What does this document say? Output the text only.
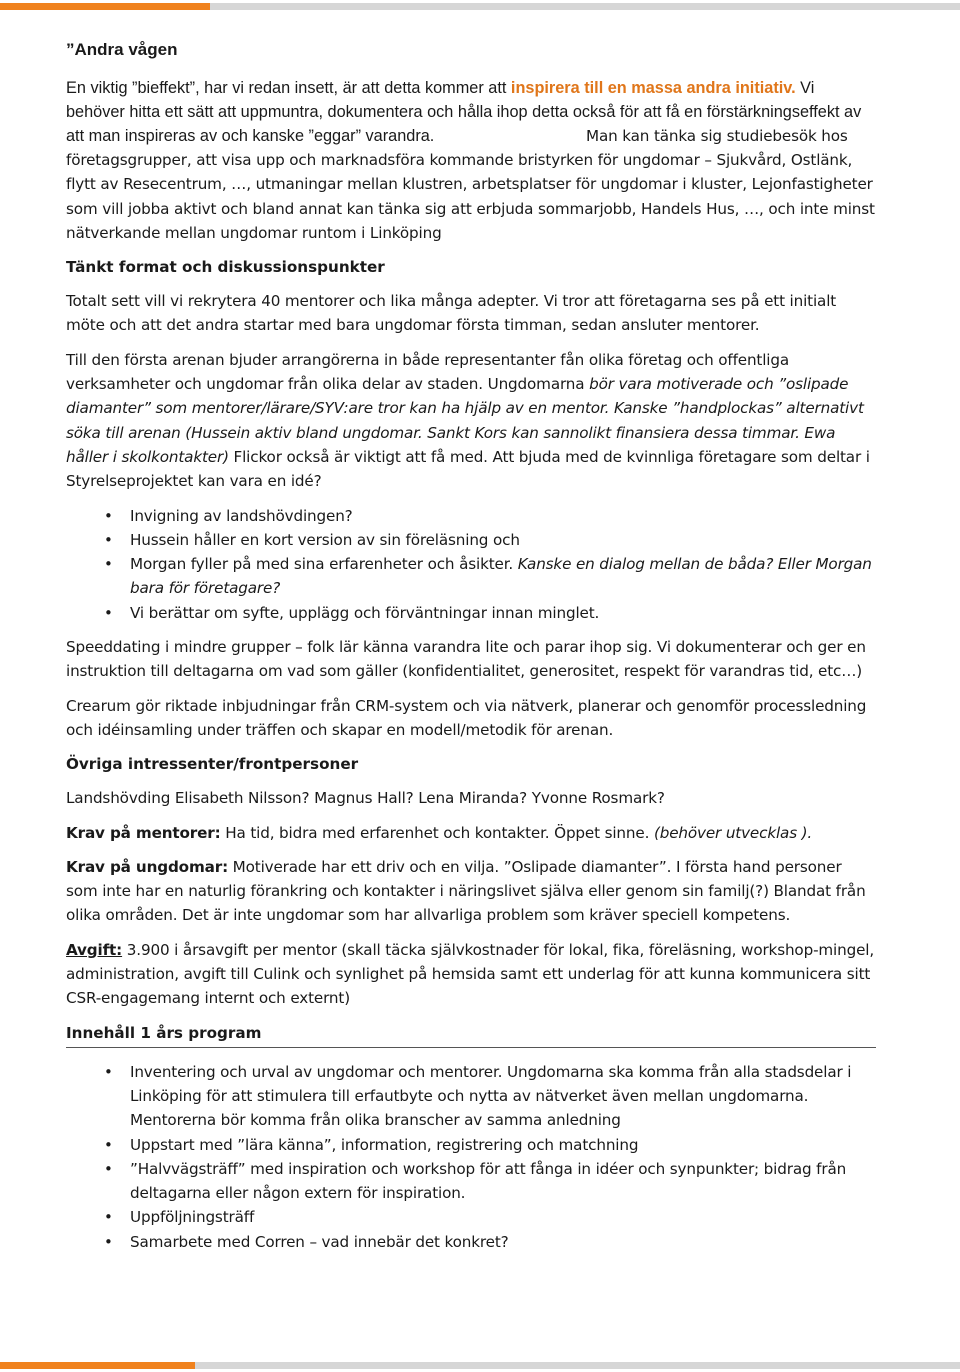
”Andra vågen

En viktig ”bieffekt”, har vi redan insett, är att detta kommer att inspirera till en massa andra initiativ. Vi behöver hitta ett sätt att uppmuntra, dokumentera och hålla ihop detta också för att få en förstärkningseffekt av att man inspireras av och kanske ”eggar” varandra.	Man kan tänka sig studiebesök hos företagsgrupper, att visa upp och marknadsföra kommande bristyrken för ungdomar – Sjukvård, Ostlänk, flytt av Resecentrum, …, utmaningar mellan klustren, arbetsplatser för ungdomar i kluster, Lejonfastigheter som vill jobba aktivt och bland annat kan tänka sig att erbjuda sommarjobb, Handels Hus, …, och inte minst nätverkande mellan ungdomar runtom i Linköping

Tänkt format och diskussionspunkter

Totalt sett vill vi rekrytera 40 mentorer och lika många adepter. Vi tror att företagarna ses på ett initialt möte och att det andra startar med bara ungdomar första timman, sedan ansluter mentorer.

Till den första arenan bjuder arrangörerna in både representanter fån olika företag och offentliga verksamheter och ungdomar från olika delar av staden. Ungdomarna bör vara motiverade och ”oslipade diamanter” som mentorer/lärare/SYV:are tror kan ha hjälp av en mentor. Kanske ”handplockas” alternativt söka till arenan (Hussein aktiv bland ungdomar. Sankt Kors kan sannolikt finansiera dessa timmar. Ewa håller i skolkontakter) Flickor också är viktigt att få med. Att bjuda med de kvinnliga företagare som deltar i Styrelseprojektet kan vara en idé?

• Invigning av landshövdingen?
• Hussein håller en kort version av sin föreläsning och
• Morgan fyller på med sina erfarenheter och åsikter. Kanske en dialog mellan de båda? Eller Morgan bara för företagare?
• Vi berättar om syfte, upplägg och förväntningar innan minglet.

Speeddating i mindre grupper – folk lär känna varandra lite och parar ihop sig. Vi dokumenterar och ger en instruktion till deltagarna om vad som gäller (konfidentialitet, generositet, respekt för varandras tid, etc…)

Crearum gör riktade inbjudningar från CRM-system och via nätverk, planerar och genomför processledning och idéinsamling under träffen och skapar en modell/metodik för arenan.

Övriga intressenter/frontpersoner

Landshövding Elisabeth Nilsson? Magnus Hall? Lena Miranda? Yvonne Rosmark?

Krav på mentorer: Ha tid, bidra med erfarenhet och kontakter. Öppet sinne. (behöver utvecklas ).

Krav på ungdomar: Motiverade har ett driv och en vilja. ”Oslipade diamanter”. I första hand personer som inte har en naturlig förankring och kontakter i näringslivet själva eller genom sin familj(?) Blandat från olika områden. Det är inte ungdomar som har allvarliga problem som kräver speciell kompetens.

Avgift: 3.900 i årsavgift per mentor (skall täcka självkostnader för lokal, fika, föreläsning, workshop-mingel, administration, avgift till Culink och synlighet på hemsida samt ett underlag för att kunna kommunicera sitt CSR-engagemang internt och externt)

Innehåll 1 års program
• Inventering och urval av ungdomar och mentorer. Ungdomarna ska komma från alla stadsdelar i Linköping för att stimulera till erfautbyte och nytta av nätverket även mellan ungdomarna. Mentorerna bör komma från olika branscher av samma anledning
• Uppstart med ”lära känna”, information, registrering och matchning
• ”Halvvägsträff” med inspiration och workshop för att fånga in idéer och synpunkter; bidrag från deltagarna eller någon extern för inspiration.
• Uppföljningsträff
• Samarbete med Corren – vad innebär det konkret?
